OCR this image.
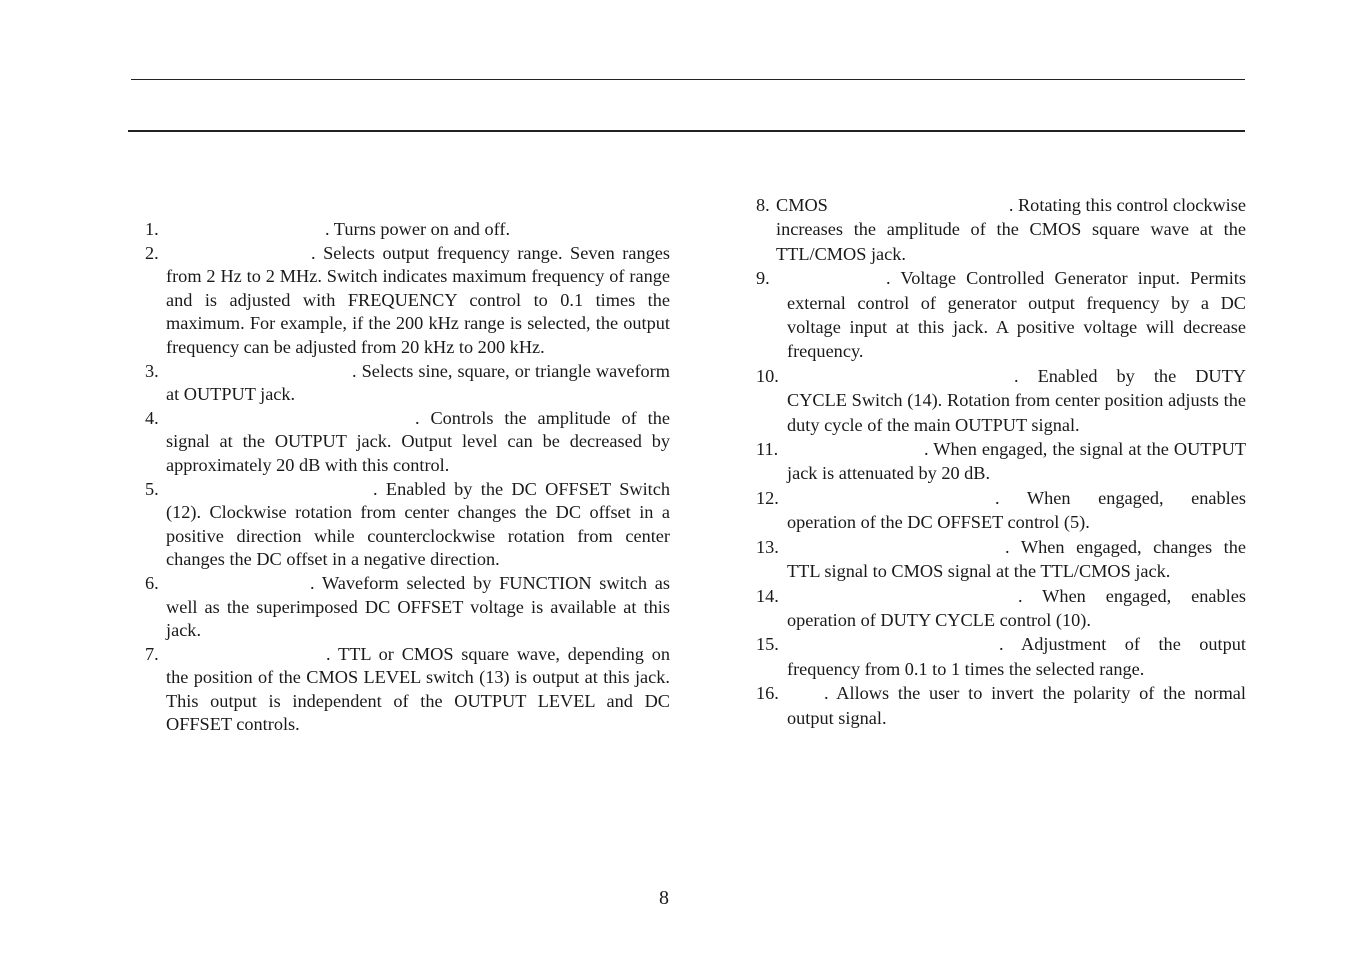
1.	. Turns power on and off.

2.	. Selects output frequency range. Seven ranges from 2 Hz to 2 MHz. Switch indicates maximum frequency of range and is adjusted with FREQUENCY control to 0.1 times the maximum. For example, if the 200 kHz range is selected, the output frequency can be adjusted from 20 kHz to 200 kHz.

3.	. Selects sine, square, or triangle waveform at OUTPUT jack.

4.	. Controls the amplitude of the signal at the OUTPUT jack. Output level can be decreased by approximately 20 dB with this control.

5.	. Enabled by the DC OFFSET Switch (12). Clockwise rotation from center changes the DC offset in a positive direction while counterclockwise rotation from center changes the DC offset in a negative direction.

6.	. Waveform selected by FUNCTION switch as well as the superimposed DC OFFSET voltage is available at this jack.

7.	. TTL or CMOS square wave, depending on the position of the CMOS LEVEL switch (13) is output at this jack. This output is independent of the OUTPUT LEVEL and DC OFFSET controls.

8. CMOS	. Rotating this control clockwise increases the amplitude of the CMOS square wave at the TTL/CMOS jack.

9.	. Voltage Controlled Generator input. Permits external control of generator output frequency by a DC voltage input at this jack. A positive voltage will decrease frequency.

10.	. Enabled by the DUTY CYCLE Switch (14). Rotation from center position adjusts the duty cycle of the main OUTPUT signal.

11.	. When engaged, the signal at the OUTPUT jack is attenuated by 20 dB.

12.	. When engaged, enables operation of the DC OFFSET control (5).

13.	. When engaged, changes the TTL signal to CMOS signal at the TTL/CMOS jack.

14.	. When engaged, enables operation of DUTY CYCLE control (10).

15.	. Adjustment of the output frequency from 0.1 to 1 times the selected range.

16.	. Allows the user to invert the polarity of the normal output signal.

8
